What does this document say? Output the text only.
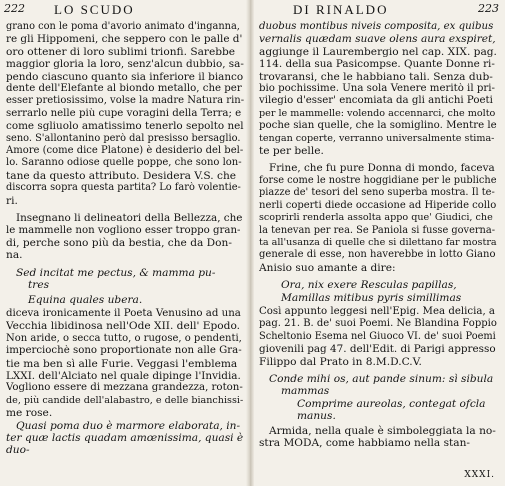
222 LO SCUDO
grano con le poma d'avorio animato d'inganna,
re gli Hippomeni, che seppero con le palle d'
oro ottener di loro sublimi trionfi. Sarebbe
maggior gloria la loro, senz'alcun dubbio, sa-
pendo ciascuno quanto sia inferiore il bianco
dente dell'Elefante al biondo metallo, che per
esser pretiosissimo, volse la madre Natura rin-
serrarlo nelle più cupe voragini della Terra; e
come sgliuolo amatissimo tenerlo sepolto nel
seno. S'allontanino però dal presisso bersaglio.
Amore (come dice Platone) è desiderio del bel-
lo. Saranno odiose quelle poppe, che sono lon-
tane da questo attributo. Desidera V.S. che
discorra sopra questa partita? Lo farò volentie-
ri.
Insegnano li delineatori della Bellezza, che
le mammelle non vogliono esser troppo gran-
di, perche sono più da bestia, che da Don-
na.
Sed incitat me pectus, & mamma pu-
tres
Equina quales ubera.
diceva ironicamente il Poeta Venusino ad una
Vecchia libidinosa nell'Ode XII. dell' Epodo.
Non aride, o secca tutto, o rugose, o pendenti,
imperciochè sono proportionate non alle Gra-
tie ma ben sì alle Furie. Veggasi l'emblema
LXXI. dell'Alciato nel quale dipinge l'Invidia.
Vogliono essere di mezzana grandezza, roton-
de, più candide dell'alabastro, e delle bianchissi-
me rose.
Quasi poma duo è marmore elaborata, in-
ter quæ lactis quadam amœnissima, quasi è
duo-
DI RINALDO	223
duobus montibus niveis composita, ex quibus
vernalis quædam suave olens aura exspiret,
aggiunge il Laurembergio nel cap. XIX. pag.
114. della sua Pasicompse. Quante Donne ri-
trovaransi, che le habbiano tali. Senza dub-
bio pochissime. Una sola Venere meritò il pri-
vilegio d'esser' encomiata da gli antichi Poeti
per le mammelle: volendo accennarci, che molto
poche sian quelle, che la somiglino. Mentre le
tengan coperte, verranno universalmente stima-
te per belle.
Frine, che fu pure Donna di mondo, faceva
forse come le nostre hoggidiane per le publiche
piazze de' tesori del seno superba mostra. Il te-
nerli coperti diede occasione ad Hiperide collo
scoprirli renderla assolta appo que' Giudici, che
la tenevan per rea. Se Paniola si fusse governa-
ta all'usanza di quelle che si dilettano far mostra
generale di esse, non haverebbe in lotto Giano
Anisio suo amante a dire:
Ora, nix exere Resculas papillas,
Mamillas mitibus pyris simillimas
Così appunto leggesi nell'Epig. Mea delicia, a
pag. 21. B. de' suoi Poemi. Ne Blandina Foppio
Scheltonio Esema nel Giuoco VI. de' suoi Poemi
giovenili pag 47. dell'Edit. di Parigi appresso
Filippo dal Prato in 8.M.D.C.V.
Conde mihi os, aut pande sinum: sì sibula
mammas
Comprime aureolas, contegat ofcla
manus.
Armida, nella quale è simboleggiata la no-
stra MODA, come habbiamo nella stan-
XXXI.
